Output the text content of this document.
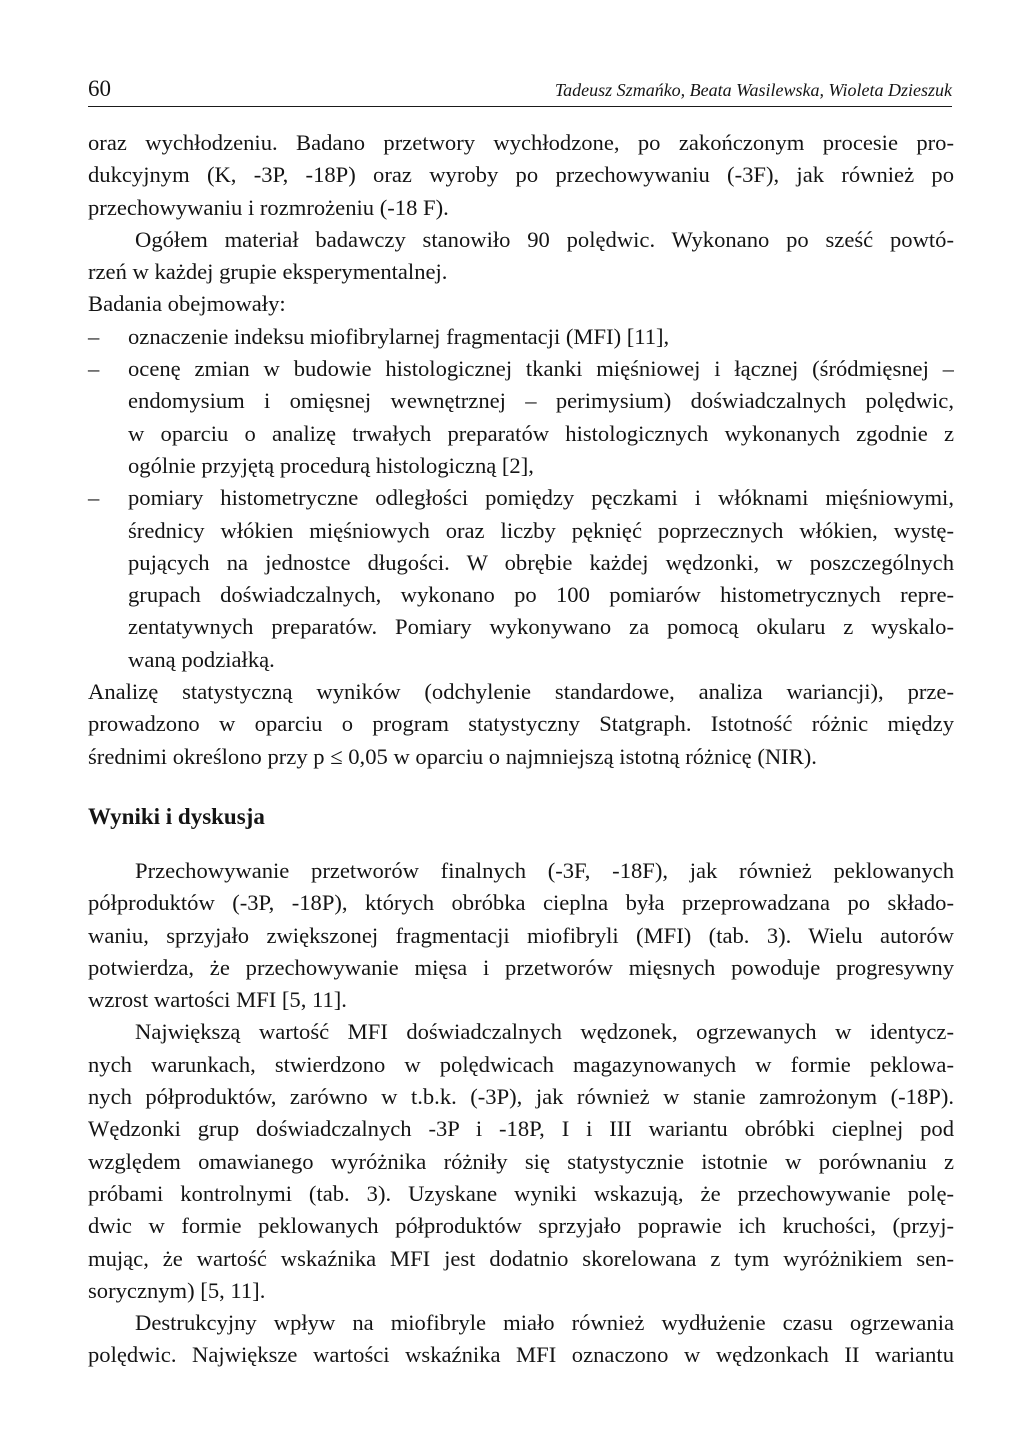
60	Tadeusz Szmańko, Beata Wasilewska, Wioleta Dzieszuk
oraz wychłodzeniu. Badano przetwory wychłodzone, po zakończonym procesie pro-
dukcyjnym (K, -3P, -18P) oraz wyroby po przechowywaniu (-3F), jak również po
przechowywaniu i rozmrożeniu (-18 F).
Ogółem materiał badawczy stanowiło 90 polędwic. Wykonano po sześć powtó-
rzeń w każdej grupie eksperymentalnej.
Badania obejmowały:
– oznaczenie indeksu miofibrylarnej fragmentacji (MFI) [11],
– ocenę zmian w budowie histologicznej tkanki mięśniowej i łącznej (śródmięsnej –
endomysium i omięsnej wewnętrznej – perimysium) doświadczalnych polędwic,
w oparciu o analizę trwałych preparatów histologicznych wykonanych zgodnie z
ogólnie przyjętą procedurą histologiczną [2],
– pomiary histometryczne odległości pomiędzy pęczkami i włóknami mięśniowymi,
średnicy włókien mięśniowych oraz liczby pęknięć poprzecznych włókien, wystę-
pujących na jednostce długości. W obrębie każdej wędzonki, w poszczególnych
grupach doświadczalnych, wykonano po 100 pomiarów histometrycznych repre-
zentatywnych preparatów. Pomiary wykonywano za pomocą okularu z wyskalo-
waną podziałką.
Analizę statystyczną wyników (odchylenie standardowe, analiza wariancji), prze-
prowadzono w oparciu o program statystyczny Statgraph. Istotność różnic między
średnimi określono przy p ≤ 0,05 w oparciu o najmniejszą istotną różnicę (NIR).
Wyniki i dyskusja
Przechowywanie przetworów finalnych (-3F, -18F), jak również peklowanych
półproduktów (-3P, -18P), których obróbka cieplna była przeprowadzana po składo-
waniu, sprzyjało zwiększonej fragmentacji miofibryli (MFI) (tab. 3). Wielu autorów
potwierdza, że przechowywanie mięsa i przetworów mięsnych powoduje progresywny
wzrost wartości MFI [5, 11].
Największą wartość MFI doświadczalnych wędzonek, ogrzewanych w identycz-
nych warunkach, stwierdzono w polędwicach magazynowanych w formie peklowa-
nych półproduktów, zarówno w t.b.k. (-3P), jak również w stanie zamrożonym (-18P).
Wędzonki grup doświadczalnych -3P i -18P, I i III wariantu obróbki cieplnej pod
względem omawianego wyróżnika różniły się statystycznie istotnie w porównaniu z
próbami kontrolnymi (tab. 3). Uzyskane wyniki wskazują, że przechowywanie polę-
dwic w formie peklowanych półproduktów sprzyjało poprawie ich kruchości, (przyj-
mując, że wartość wskaźnika MFI jest dodatnio skorelowana z tym wyróżnikiem sen-
sorycznym) [5, 11].
Destrukcyjny wpływ na miofibryle miało również wydłużenie czasu ogrzewania
polędwic. Największe wartości wskaźnika MFI oznaczono w wędzonkach II wariantu
